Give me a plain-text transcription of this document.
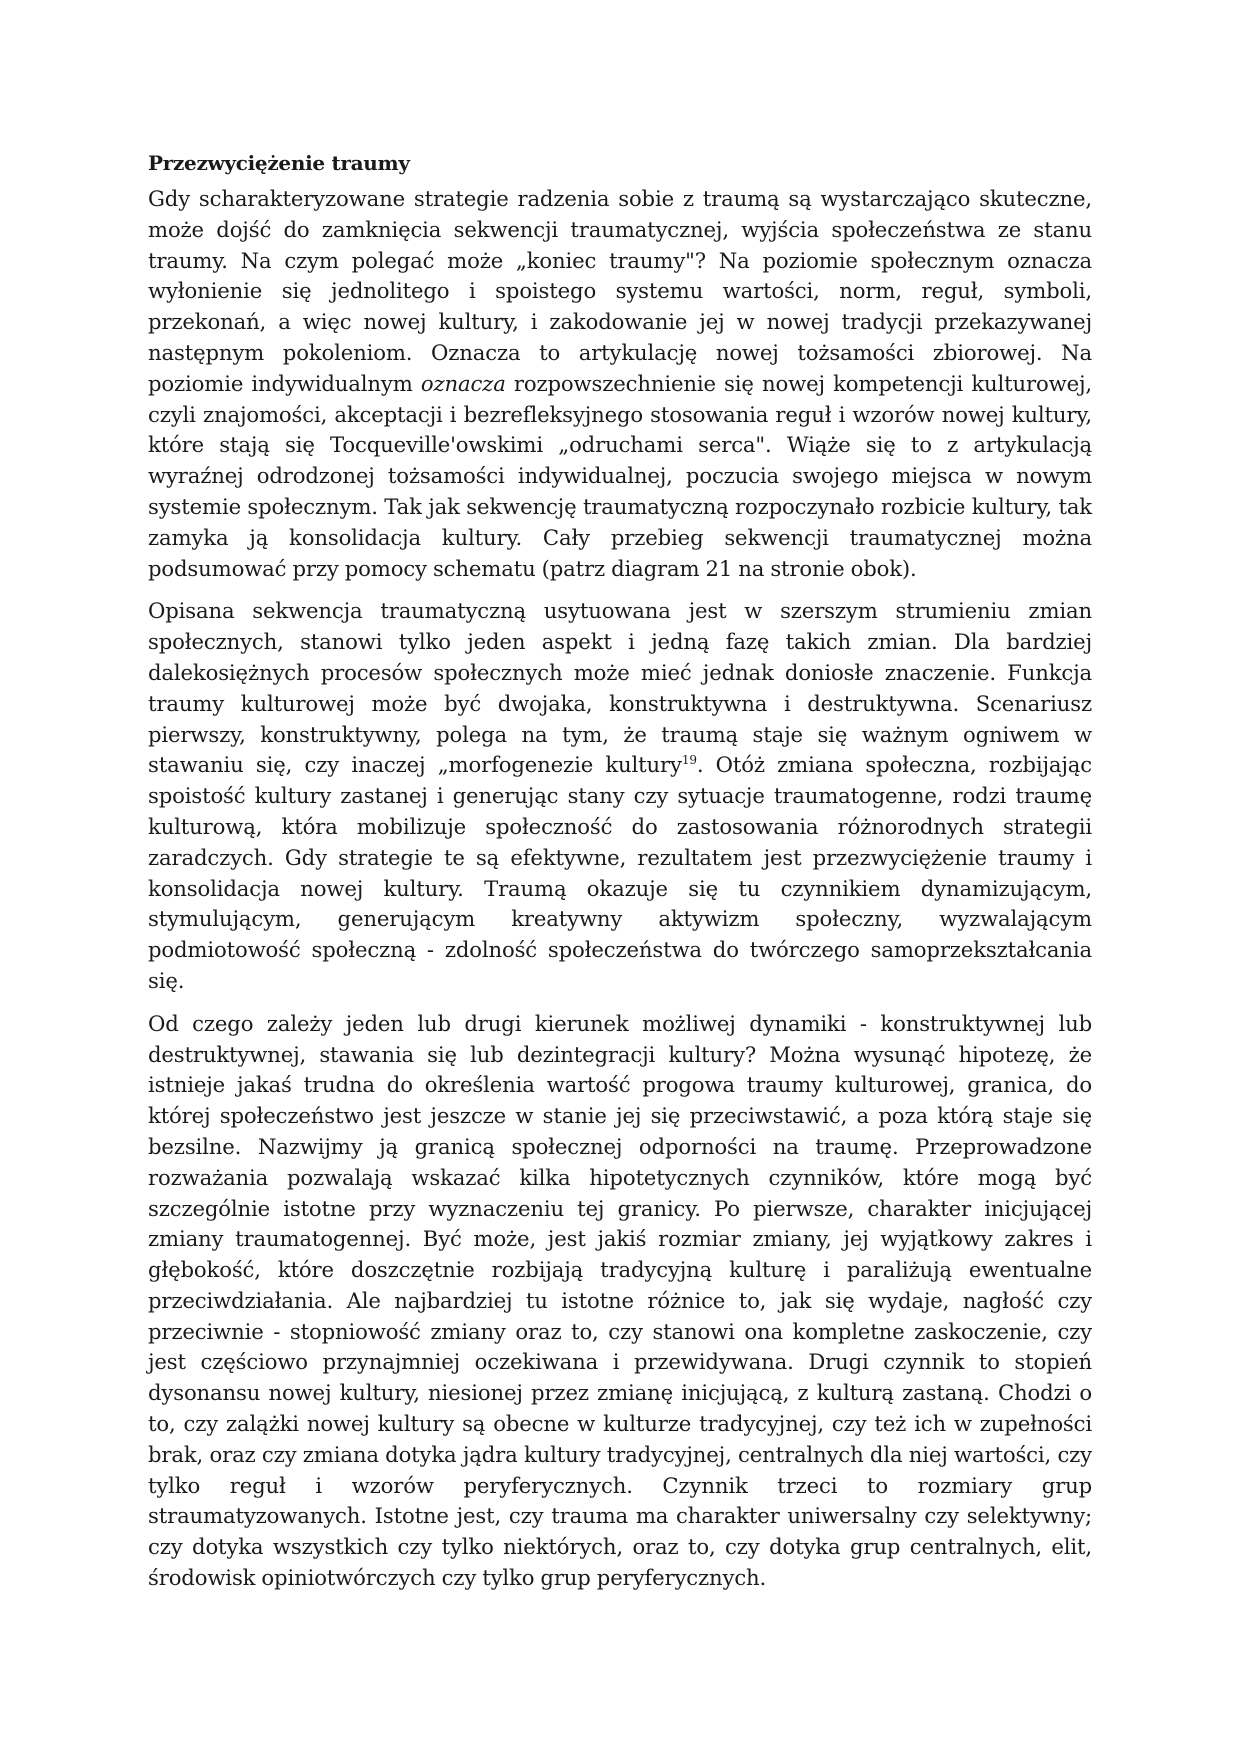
Przezwyciężenie traumy

Gdy scharakteryzowane strategie radzenia sobie z traumą są wystarczająco skuteczne, może dojść do zamknięcia sekwencji traumatycznej, wyjścia społeczeństwa ze stanu traumy. Na czym polegać może „koniec traumy"? Na poziomie społecznym oznacza wyłonienie się jednolitego i spoistego systemu wartości, norm, reguł, symboli, przekonań, a więc nowej kultury, i zakodowanie jej w nowej tradycji przekazywanej następnym pokoleniom. Oznacza to artykulację nowej tożsamości zbiorowej. Na poziomie indywidualnym oznacza rozpowszechnienie się nowej kompetencji kulturowej, czyli znajomości, akceptacji i bezrefleksyjnego stosowania reguł i wzorów nowej kultury, które stają się Tocqueville'owskimi „odruchami serca". Wiąże się to z artykulacją wyraźnej odrodzonej tożsamości indywidualnej, poczucia swojego miejsca w nowym systemie społecznym. Tak jak sekwencję traumatyczną rozpoczynało rozbicie kultury, tak zamyka ją konsolidacja kultury. Cały przebieg sekwencji traumatycznej można podsumować przy pomocy schematu (patrz diagram 21 na stronie obok).

Opisana sekwencja traumatyczną usytuowana jest w szerszym strumieniu zmian społecznych, stanowi tylko jeden aspekt i jedną fazę takich zmian. Dla bardziej dalekosiężnych procesów społecznych może mieć jednak doniosłe znaczenie. Funkcja traumy kulturowej może być dwojaka, konstruktywna i destruktywna. Scenariusz pierwszy, konstruktywny, polega na tym, że traumą staje się ważnym ogniwem w stawaniu się, czy inaczej „morfogenezie kultury$^{19}$. Otóż zmiana społeczna, rozbijając spoistość kultury zastanej i generując stany czy sytuacje traumatogenne, rodzi traumę kulturową, która mobilizuje społeczność do zastosowania różnorodnych strategii zaradczych. Gdy strategie te są efektywne, rezultatem jest przezwyciężenie traumy i konsolidacja nowej kultury. Traumą okazuje się tu czynnikiem dynamizującym, stymulującym, generującym kreatywny aktywizm społeczny, wyzwalającym podmiotowość społeczną - zdolność społeczeństwa do twórczego samoprzekształcania się.

Od czego zależy jeden lub drugi kierunek możliwej dynamiki - konstruktywnej lub destruktywnej, stawania się lub dezintegracji kultury? Można wysunąć hipotezę, że istnieje jakaś trudna do określenia wartość progowa traumy kulturowej, granica, do której społeczeństwo jest jeszcze w stanie jej się przeciwstawić, a poza którą staje się bezsilne. Nazwijmy ją granicą społecznej odporności na traumę. Przeprowadzone rozważania pozwalają wskazać kilka hipotetycznych czynników, które mogą być szczególnie istotne przy wyznaczeniu tej granicy. Po pierwsze, charakter inicjującej zmiany traumatogennej. Być może, jest jakiś rozmiar zmiany, jej wyjątkowy zakres i głębokość, które doszczętnie rozbijają tradycyjną kulturę i paraliżują ewentualne przeciwdziałania. Ale najbardziej tu istotne różnice to, jak się wydaje, nagłość czy przeciwnie - stopniowość zmiany oraz to, czy stanowi ona kompletne zaskoczenie, czy jest częściowo przynajmniej oczekiwana i przewidywana. Drugi czynnik to stopień dysonansu nowej kultury, niesionej przez zmianę inicjującą, z kulturą zastaną. Chodzi o to, czy zalążki nowej kultury są obecne w kulturze tradycyjnej, czy też ich w zupełności brak, oraz czy zmiana dotyka jądra kultury tradycyjnej, centralnych dla niej wartości, czy tylko reguł i wzorów peryferycznych. Czynnik trzeci to rozmiary grup straumatyzowanych. Istotne jest, czy trauma ma charakter uniwersalny czy selektywny; czy dotyka wszystkich czy tylko niektórych, oraz to, czy dotyka grup centralnych, elit, środowisk opiniotwórczych czy tylko grup peryferycznych.
